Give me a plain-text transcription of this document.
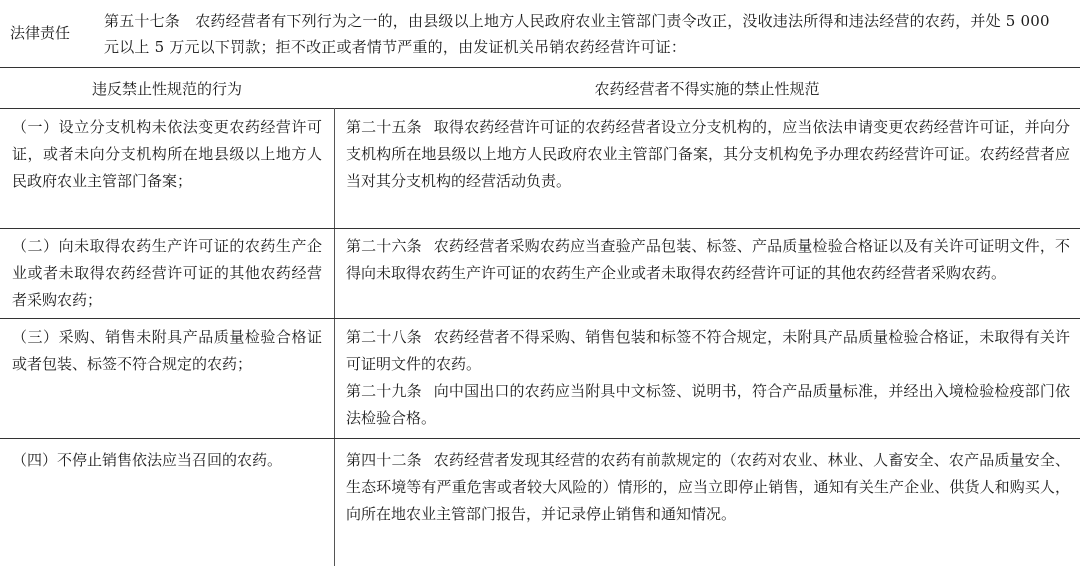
法律责任
第五十七条　农药经营者有下列行为之一的，由县级以上地方人民政府农业主管部门责令改正，没收违法所得和违法经营的农药，并处 5 000 元以上 5 万元以下罚款；拒不改正或者情节严重的，由发证机关吊销农药经营许可证：
违反禁止性规范的行为	农药经营者不得实施的禁止性规范
（一）设立分支机构未依法变更农药经营许可证，或者未向分支机构所在地县级以上地方人民政府农业主管部门备案；

第二十五条 取得农药经营许可证的农药经营者设立分支机构的，应当依法申请变更农药经营许可证，并向分支机构所在地县级以上地方人民政府农业主管部门备案，其分支机构免予办理农药经营许可证。农药经营者应当对其分支机构的经营活动负责。

（二）向未取得农药生产许可证的农药生产企业或者未取得农药经营许可证的其他农药经营者采购农药；

第二十六条 农药经营者采购农药应当查验产品包装、标签、产品质量检验合格证以及有关许可证明文件，不得向未取得农药生产许可证的农药生产企业或者未取得农药经营许可证的其他农药经营者采购农药。

（三）采购、销售未附具产品质量检验合格证或者包装、标签不符合规定的农药；

第二十八条 农药经营者不得采购、销售包装和标签不符合规定，未附具产品质量检验合格证，未取得有关许可证明文件的农药。

第二十九条 向中国出口的农药应当附具中文标签、说明书，符合产品质量标准，并经出入境检验检疫部门依法检验合格。

（四）不停止销售依法应当召回的农药。	第四十二条 农药经营者发现其经营的农药有前款规定的（农药对农业、林业、人畜安全、农产品质量安全、生态环境等有严重危害或者较大风险的）情形的，应当立即停止销售，通知有关生产企业、供货人和购买人，向所在地农业主管部门报告，并记录停止销售和通知情况。
